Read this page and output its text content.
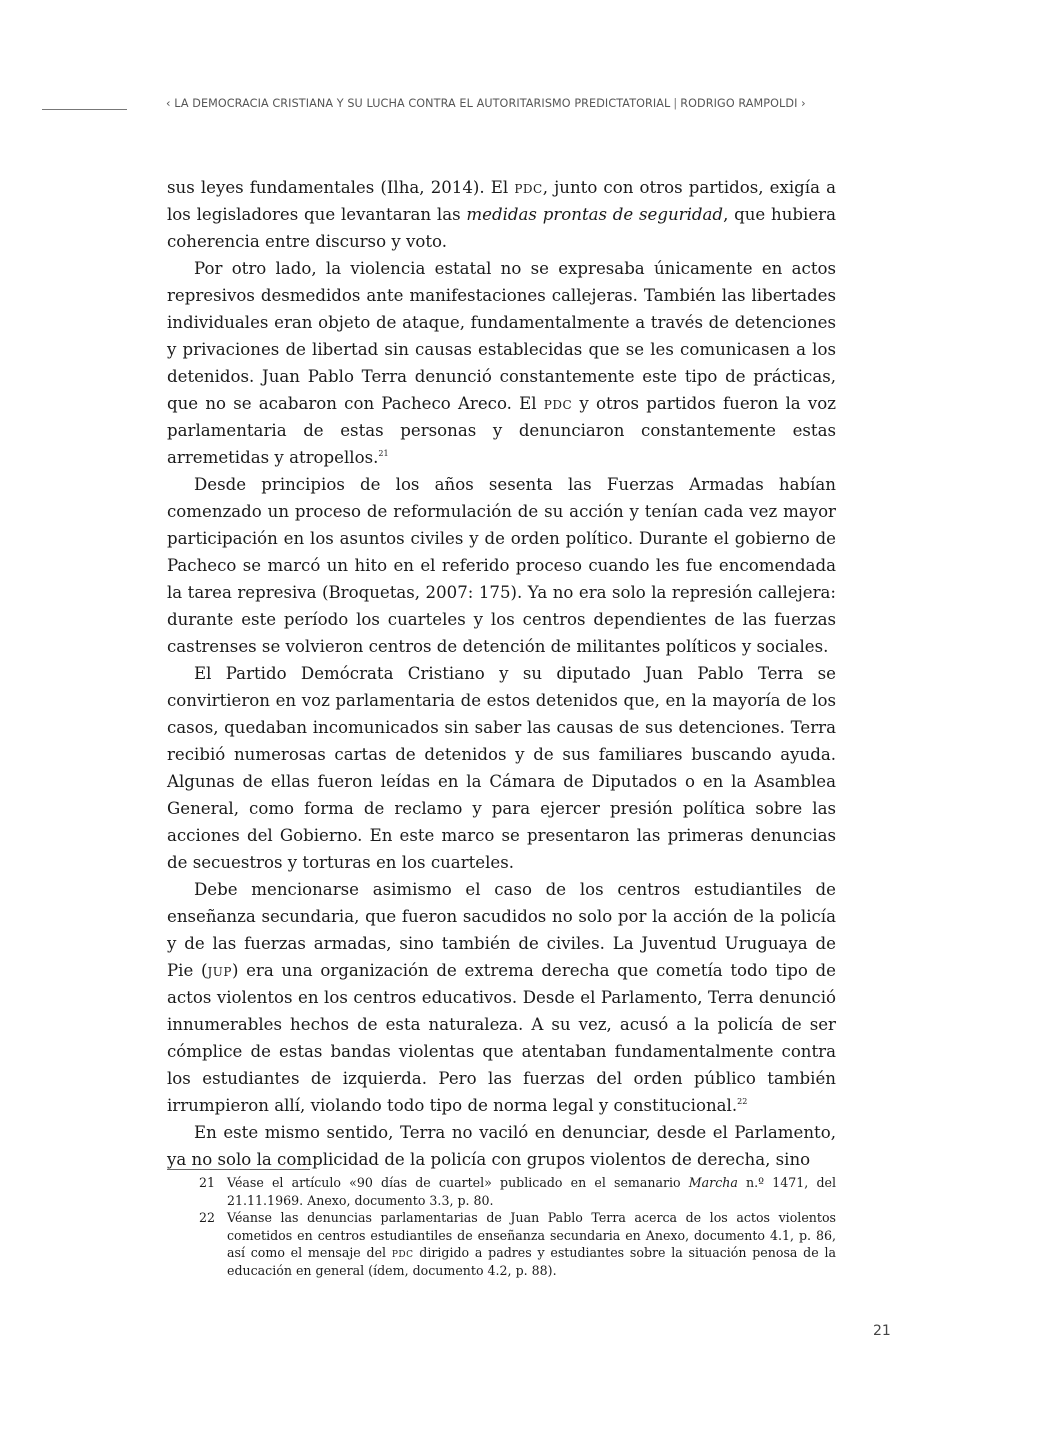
‹ LA DEMOCRACIA CRISTIANA Y SU LUCHA CONTRA EL AUTORITARISMO PREDICTATORIAL | RODRIGO RAMPOLDI ›

sus leyes fundamentales (Ilha, 2014). El pdc, junto con otros partidos, exigía a los legisladores que levantaran las medidas prontas de seguridad, que hubiera coherencia entre discurso y voto.

Por otro lado, la violencia estatal no se expresaba únicamente en actos represivos desmedidos ante manifestaciones callejeras. También las libertades individuales eran objeto de ataque, fundamentalmente a través de detenciones y privaciones de libertad sin causas establecidas que se les comunicasen a los detenidos. Juan Pablo Terra denunció constantemente este tipo de prácticas, que no se acabaron con Pacheco Areco. El pdc y otros partidos fueron la voz parlamentaria de estas personas y denunciaron constantemente estas arremetidas y atropellos.$^{21}$

Desde principios de los años sesenta las Fuerzas Armadas habían comenzado un proceso de reformulación de su acción y tenían cada vez mayor participación en los asuntos civiles y de orden político. Durante el gobierno de Pacheco se marcó un hito en el referido proceso cuando les fue encomendada la tarea represiva (Broquetas, 2007: 175). Ya no era solo la represión callejera: durante este período los cuarteles y los centros dependientes de las fuerzas castrenses se volvieron centros de detención de militantes políticos y sociales.

El Partido Demócrata Cristiano y su diputado Juan Pablo Terra se convirtieron en voz parlamentaria de estos detenidos que, en la mayoría de los casos, quedaban incomunicados sin saber las causas de sus detenciones. Terra recibió numerosas cartas de detenidos y de sus familiares buscando ayuda. Algunas de ellas fueron leídas en la Cámara de Diputados o en la Asamblea General, como forma de reclamo y para ejercer presión política sobre las acciones del Gobierno. En este marco se presentaron las primeras denuncias de secuestros y torturas en los cuarteles.

Debe mencionarse asimismo el caso de los centros estudiantiles de enseñanza secundaria, que fueron sacudidos no solo por la acción de la policía y de las fuerzas armadas, sino también de civiles. La Juventud Uruguaya de Pie (jup) era una organización de extrema derecha que cometía todo tipo de actos violentos en los centros educativos. Desde el Parlamento, Terra denunció innumerables hechos de esta naturaleza. A su vez, acusó a la policía de ser cómplice de estas bandas violentas que atentaban fundamentalmente contra los estudiantes de izquierda. Pero las fuerzas del orden público también irrumpieron allí, violando todo tipo de norma legal y constitucional.$^{22}$

En este mismo sentido, Terra no vaciló en denunciar, desde el Parlamento, ya no solo la complicidad de la policía con grupos violentos de derecha, sino

21 Véase el artículo «90 días de cuartel» publicado en el semanario Marcha n.º 1471, del 21.11.1969. Anexo, documento 3.3, p. 80.
22 Véanse las denuncias parlamentarias de Juan Pablo Terra acerca de los actos violentos cometidos en centros estudiantiles de enseñanza secundaria en Anexo, documento 4.1, p. 86, así como el mensaje del pdc dirigido a padres y estudiantes sobre la situación penosa de la educación en general (ídem, documento 4.2, p. 88).
21
